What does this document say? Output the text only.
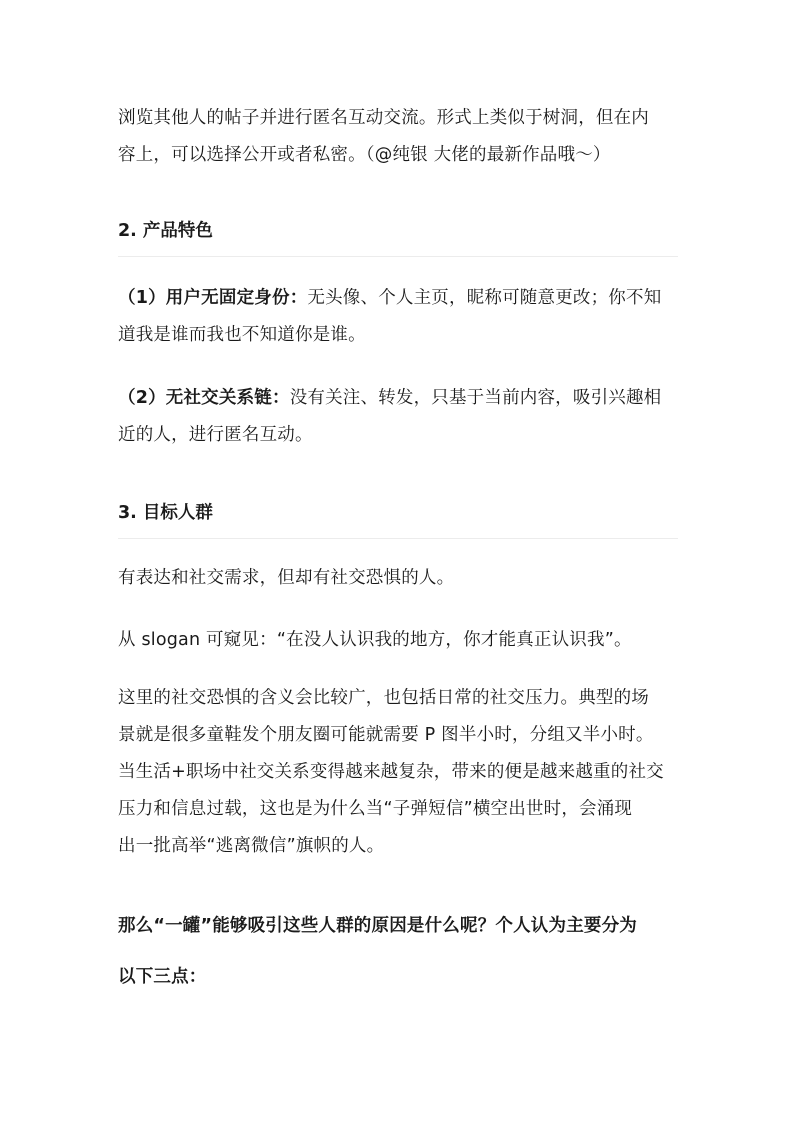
浏览其他人的帖子并进行匿名互动交流。形式上类似于树洞，但在内

容上，可以选择公开或者私密。（@纯银 大佬的最新作品哦～）

2. 产品特色

（1）用户无固定身份：无头像、个人主页，昵称可随意更改；你不知

道我是谁而我也不知道你是谁。

（2）无社交关系链：没有关注、转发，只基于当前内容，吸引兴趣相

近的人，进行匿名互动。

3. 目标人群

有表达和社交需求，但却有社交恐惧的人。

从 slogan 可窥见：“在没人认识我的地方，你才能真正认识我”。

这里的社交恐惧的含义会比较广，也包括日常的社交压力。典型的场

景就是很多童鞋发个朋友圈可能就需要 P 图半小时，分组又半小时。

当生活+职场中社交关系变得越来越复杂，带来的便是越来越重的社交

压力和信息过载，这也是为什么当“子弹短信”横空出世时，会涌现

出一批高举“逃离微信”旗帜的人。

那么“一罐”能够吸引这些人群的原因是什么呢？个人认为主要分为

以下三点：
